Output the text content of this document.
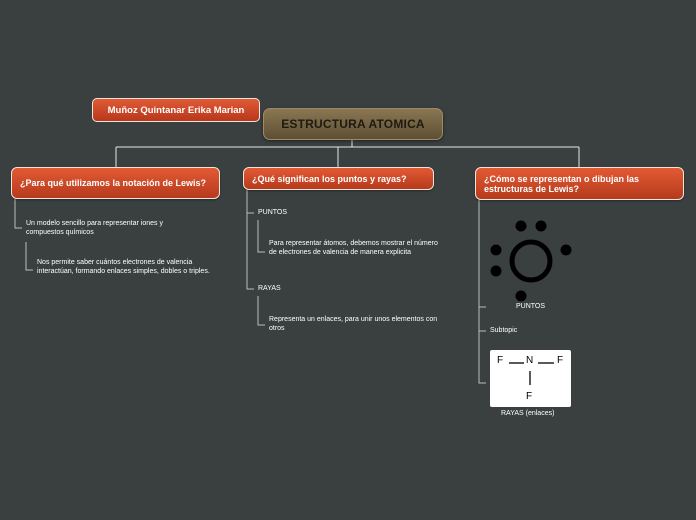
ESTRUCTURA ATOMICA
Muñoz Quintanar Erika Marian
¿Para qué utilizamos la notación de Lewis?
Un modelo sencillo para representar iones y compuestos químicos
Nos permite saber cuántos electrones de valencia interactúan, formando enlaces simples, dobles o triples.
¿Qué significan los puntos y rayas?
PUNTOS
Para representar átomos, debemos mostrar el número de electrones de valencia de manera explicita
RAYAS
Representa un enlaces, para unir unos elementos con otros
¿Cómo se representan o dibujan las estructuras de Lewis?
PUNTOS
Subtopic
F N F
F
RAYAS (enlaces)
